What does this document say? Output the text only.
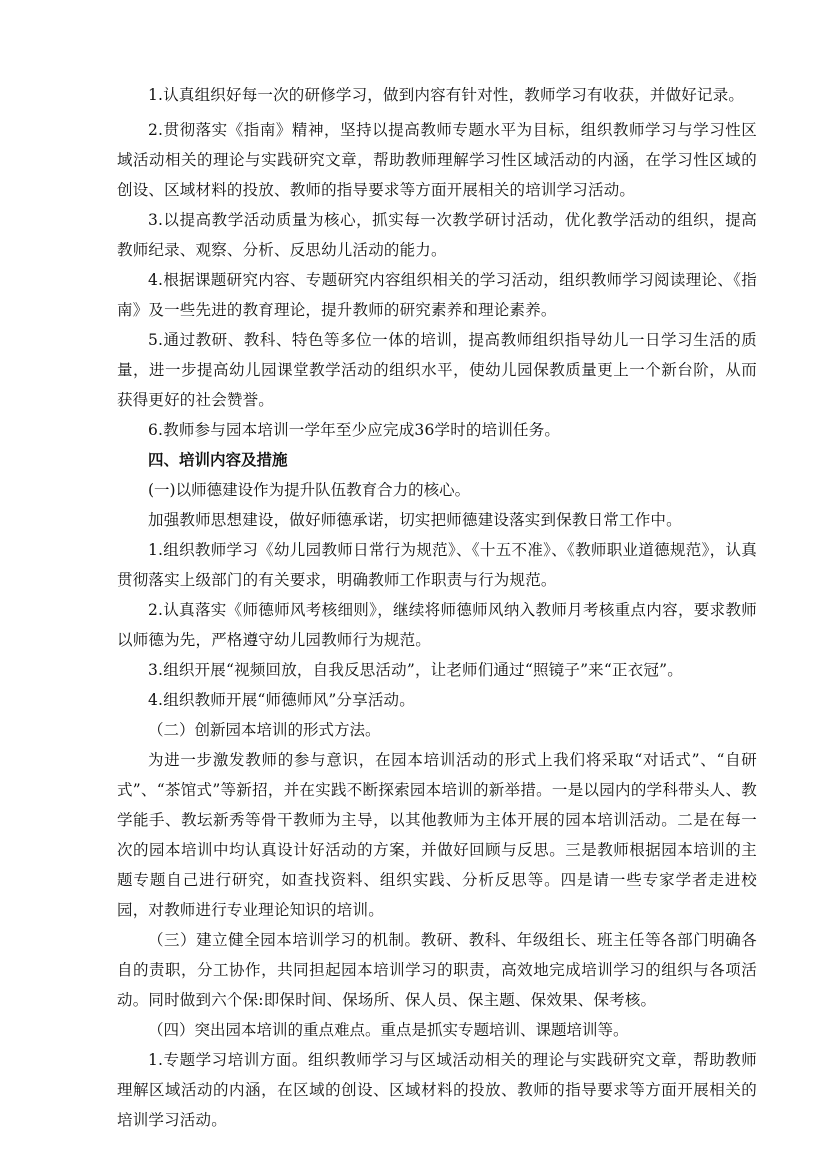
1.认真组织好每一次的研修学习，做到内容有针对性，教师学习有收获，并做好记录。

2.贯彻落实《指南》精神，坚持以提高教师专题水平为目标，组织教师学习与学习性区域活动相关的理论与实践研究文章，帮助教师理解学习性区域活动的内涵，在学习性区域的创设、区域材料的投放、教师的指导要求等方面开展相关的培训学习活动。

3.以提高教学活动质量为核心，抓实每一次教学研讨活动，优化教学活动的组织，提高教师纪录、观察、分析、反思幼儿活动的能力。

4.根据课题研究内容、专题研究内容组织相关的学习活动，组织教师学习阅读理论、《指南》及一些先进的教育理论，提升教师的研究素养和理论素养。

5.通过教研、教科、特色等多位一体的培训，提高教师组织指导幼儿一日学习生活的质量，进一步提高幼儿园课堂教学活动的组织水平，使幼儿园保教质量更上一个新台阶，从而获得更好的社会赞誉。

6.教师参与园本培训一学年至少应完成36学时的培训任务。

四、培训内容及措施

(一)以师德建设作为提升队伍教育合力的核心。

加强教师思想建设，做好师德承诺，切实把师德建设落实到保教日常工作中。

1.组织教师学习《幼儿园教师日常行为规范》、《十五不准》、《教师职业道德规范》，认真贯彻落实上级部门的有关要求，明确教师工作职责与行为规范。

2.认真落实《师德师风考核细则》，继续将师德师风纳入教师月考核重点内容，要求教师以师德为先，严格遵守幼儿园教师行为规范。

3.组织开展“视频回放，自我反思活动”，让老师们通过“照镜子”来“正衣冠”。

4.组织教师开展“师德师风”分享活动。

（二）创新园本培训的形式方法。

为进一步激发教师的参与意识，在园本培训活动的形式上我们将采取“对话式”、“自研式”、“茶馆式”等新招，并在实践不断探索园本培训的新举措。一是以园内的学科带头人、教学能手、教坛新秀等骨干教师为主导，以其他教师为主体开展的园本培训活动。二是在每一次的园本培训中均认真设计好活动的方案，并做好回顾与反思。三是教师根据园本培训的主题专题自己进行研究，如查找资料、组织实践、分析反思等。四是请一些专家学者走进校园，对教师进行专业理论知识的培训。

（三）建立健全园本培训学习的机制。教研、教科、年级组长、班主任等各部门明确各自的责职，分工协作，共同担起园本培训学习的职责，高效地完成培训学习的组织与各项活动。同时做到六个保:即保时间、保场所、保人员、保主题、保效果、保考核。

（四）突出园本培训的重点难点。重点是抓实专题培训、课题培训等。

1.专题学习培训方面。组织教师学习与区域活动相关的理论与实践研究文章，帮助教师理解区域活动的内涵，在区域的创设、区域材料的投放、教师的指导要求等方面开展相关的培训学习活动。
